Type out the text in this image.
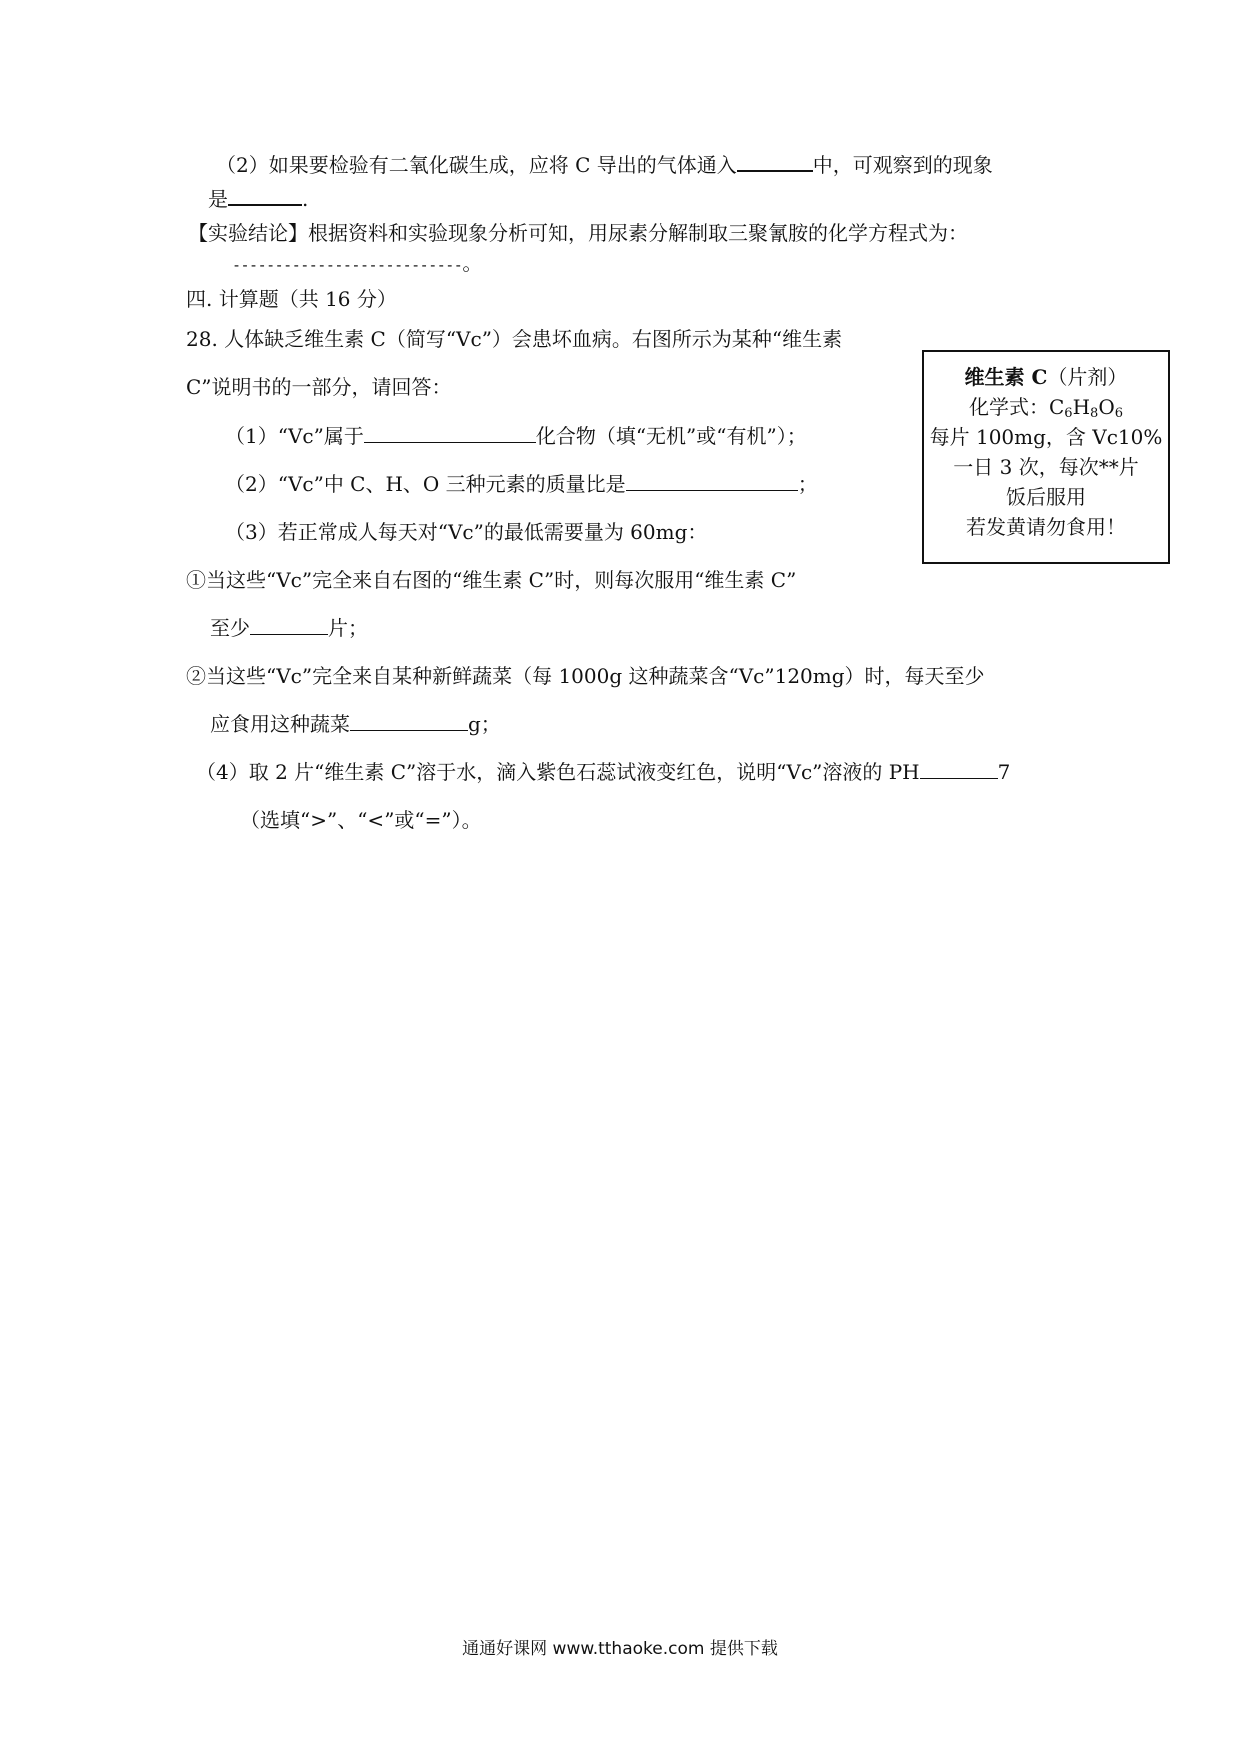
（2）如果要检验有二氧化碳生成，应将 C 导出的气体通入	中，可观察到的现象
是	.
【实验结论】根据资料和实验现象分析可知，用尿素分解制取三聚氰胺的化学方程式为：
---------------------------。
四. 计算题（共 16 分）
28. 人体缺乏维生素 C（简写“Vc”）会患坏血病。右图所示为某种“维生素
C”说明书的一部分，请回答：
（1）“Vc”属于	化合物（填“无机”或“有机”）；
（2）“Vc”中 C、H、O 三种元素的质量比是	；
（3）若正常成人每天对“Vc”的最低需要量为 60mg：
①当这些“Vc”完全来自右图的“维生素 C”时，则每次服用“维生素 C”
至少	片；
②当这些“Vc”完全来自某种新鲜蔬菜（每 1000g 这种蔬菜含“Vc”120mg）时，每天至少
应食用这种蔬菜	g；
（4）取 2 片“维生素 C”溶于水，滴入紫色石蕊试液变红色，说明“Vc”溶液的 PH	7
（选填“>”、“<”或“=”）。
维生素 C（片剂）
化学式：$C_6H_8O_6$
每片 100mg，含 Vc10%
一日 3 次，每次**片
饭后服用
若发黄请勿食用！
通通好课网 www.tthaoke.com 提供下载
